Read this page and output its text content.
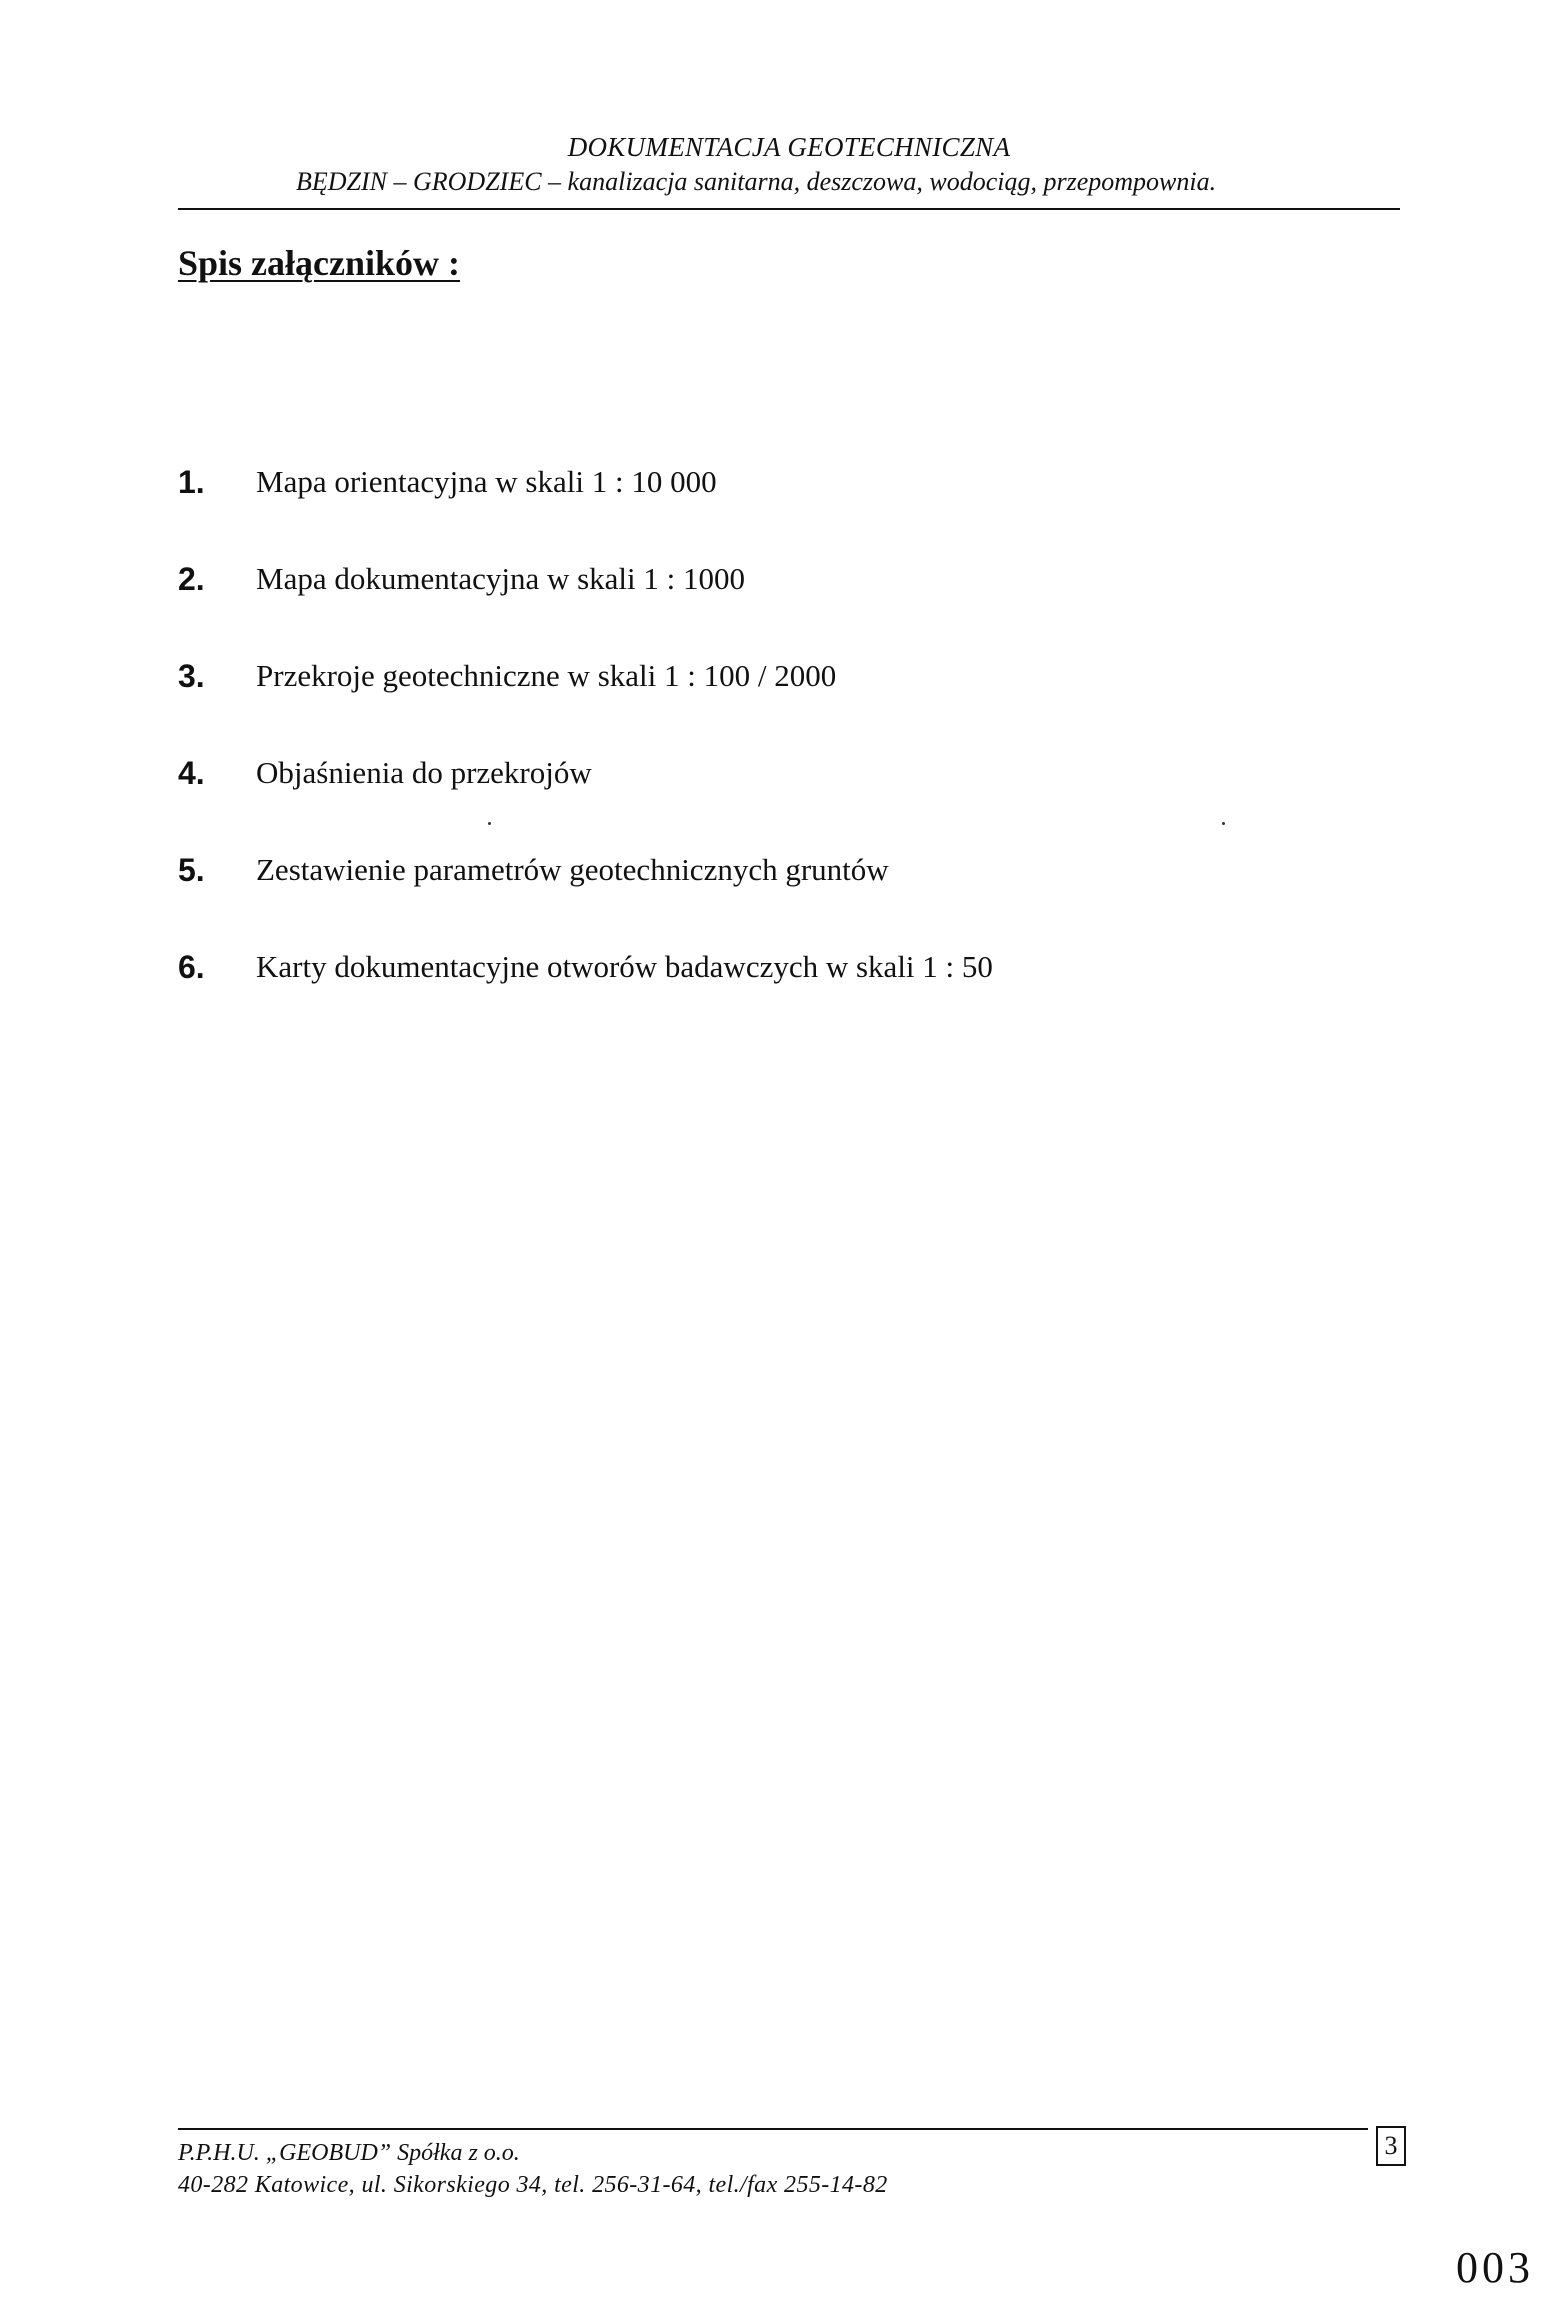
DOKUMENTACJA GEOTECHNICZNA
BĘDZIN – GRODZIEC – kanalizacja sanitarna, deszczowa, wodociąg, przepompownia.
Spis załączników :
1. Mapa orientacyjna w skali 1 : 10 000
2. Mapa dokumentacyjna w skali 1 : 1000
3. Przekroje geotechniczne w skali 1 : 100 / 2000
4. Objaśnienia do przekrojów
5. Zestawienie parametrów geotechnicznych gruntów
6. Karty dokumentacyjne otworów badawczych w skali 1 : 50
P.P.H.U. „GEOBUD” Spółka z o.o.
40-282 Katowice, ul. Sikorskiego 34, tel. 256-31-64, tel./fax 255-14-82
3
003
